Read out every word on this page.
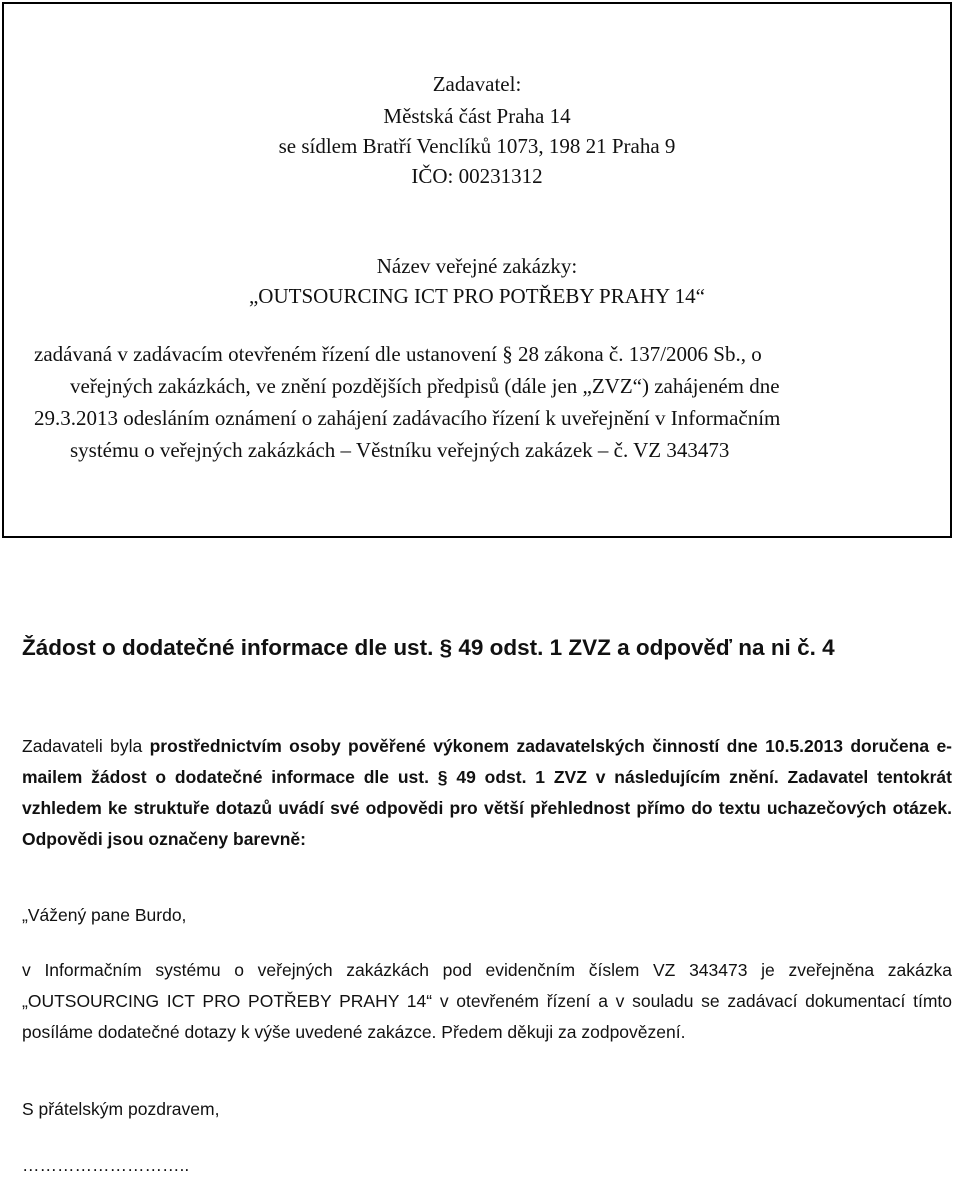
Zadavatel:
Městská část Praha 14
se sídlem Bratří Venclíků 1073, 198 21 Praha 9
IČO: 00231312
Název veřejné zakázky:
„OUTSOURCING ICT PRO POTŘEBY PRAHY 14“
zadávaná v zadávacím otevřeném řízení dle ustanovení § 28 zákona č. 137/2006 Sb., o
veřejných zakázkách, ve znění pozdějších předpisů (dále jen „ZVZ“) zahájeném dne
29.3.2013 odesláním oznámení o zahájení zadávacího řízení k uveřejnění v Informačním
systému o veřejných zakázkách – Věstníku veřejných zakázek – č. VZ 343473
Žádost o dodatečné informace dle ust. § 49 odst. 1 ZVZ a odpověď na ni č. 4
Zadavateli byla prostřednictvím osoby pověřené výkonem zadavatelských činností dne 10.5.2013 doručena e-mailem žádost o dodatečné informace dle ust. § 49 odst. 1 ZVZ v následujícím znění. Zadavatel tentokrát vzhledem ke struktuře dotazů uvádí své odpovědi pro větší přehlednost přímo do textu uchazečových otázek. Odpovědi jsou označeny barevně:
„Vážený pane Burdo,
v Informačním systému o veřejných zakázkách pod evidenčním číslem VZ 343473 je zveřejněna zakázka „OUTSOURCING ICT PRO POTŘEBY PRAHY 14“ v otevřeném řízení a v souladu se zadávací dokumentací tímto posíláme dodatečné dotazy k výše uvedené zakázce. Předem děkuji za zodpovězení.
S přátelským pozdravem,
………………………..
